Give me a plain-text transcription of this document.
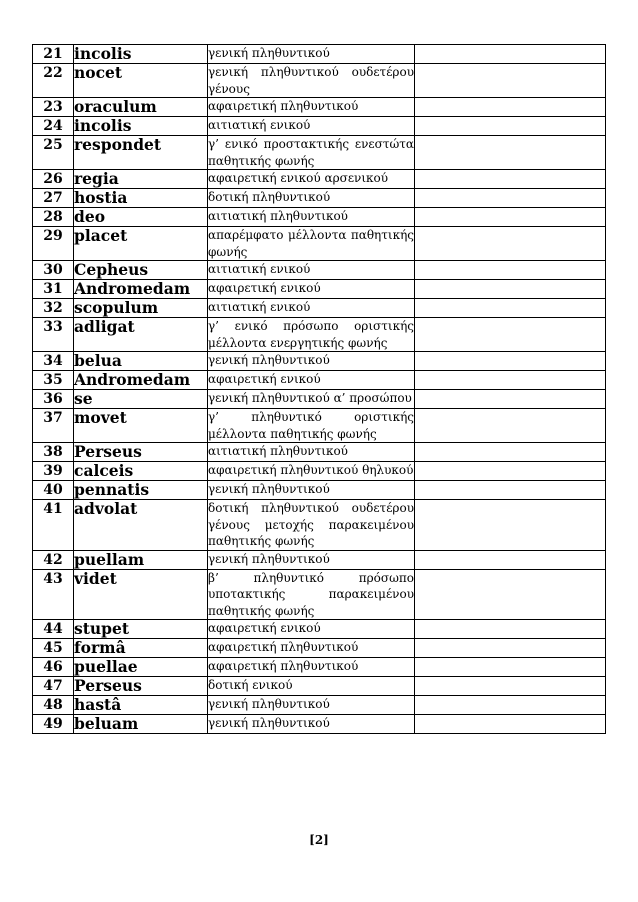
21	incolis	γενική πληθυντικού	
22	nocet	γενική πληθυντικού ουδετέρου γένους	
23	oraculum	αφαιρετική πληθυντικού	
24	incolis	αιτιατική ενικού	
25	respondet	γ’ ενικό προστακτικής ενεστώτα παθητικής φωνής	
26	regia	αφαιρετική ενικού αρσενικού	
27	hostia	δοτική πληθυντικού	
28	deo	αιτιατική πληθυντικού	
29	placet	απαρέμφατο μέλλοντα παθητικής φωνής	
30	Cepheus	αιτιατική ενικού	
31	Andromedam	αφαιρετική ενικού	
32	scopulum	αιτιατική ενικού	
33	adligat	γ’ ενικό πρόσωπο οριστικής μέλλοντα ενεργητικής φωνής	
34	belua	γενική πληθυντικού	
35	Andromedam	αφαιρετική ενικού	
36	se	γενική πληθυντικού α’ προσώπου	
37	movet	γ’ πληθυντικό οριστικής μέλλοντα παθητικής φωνής	
38	Perseus	αιτιατική πληθυντικού	
39	calceis	αφαιρετική πληθυντικού θηλυκού	
40	pennatis	γενική πληθυντικού	
41	advolat	δοτική πληθυντικού ουδετέρου γένους μετοχής παρακειμένου παθητικής φωνής	
42	puellam	γενική πληθυντικού	
43	videt	β’ πληθυντικό πρόσωπο υποτακτικής παρακειμένου παθητικής φωνής	
44	stupet	αφαιρετική ενικού	
45	formâ	αφαιρετική πληθυντικού	
46	puellae	αφαιρετική πληθυντικού	
47	Perseus	δοτική ενικού	
48	hastâ	γενική πληθυντικού	
49	beluam	γενική πληθυντικού	
[2]
